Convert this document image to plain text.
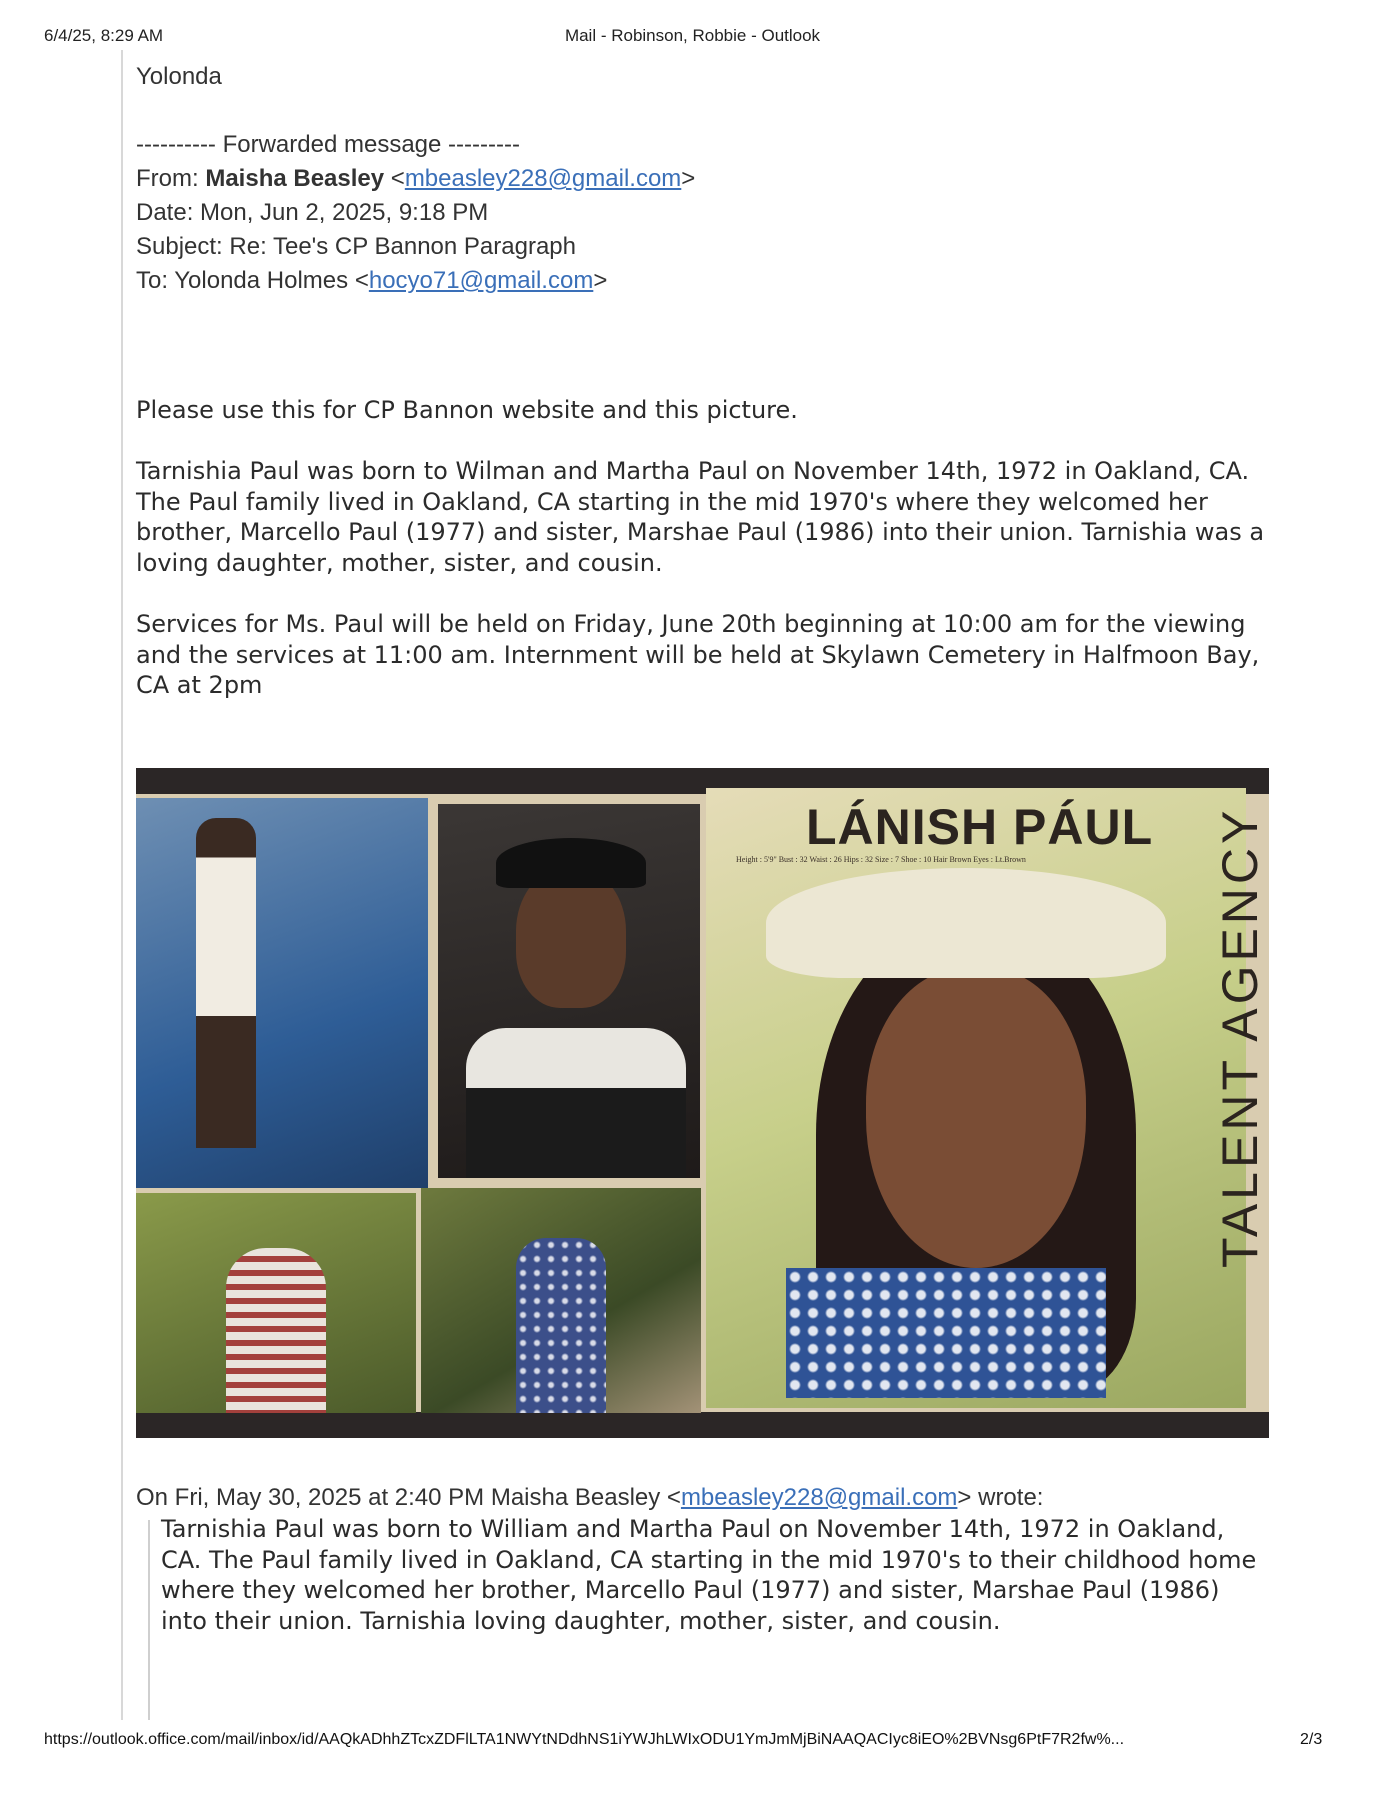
6/4/25, 8:29 AM	Mail - Robinson, Robbie - Outlook
Yolonda
---------- Forwarded message ---------
From: Maisha Beasley <mbeasley228@gmail.com>
Date: Mon, Jun 2, 2025, 9:18 PM
Subject: Re: Tee's CP Bannon Paragraph
To: Yolonda Holmes <hocyo71@gmail.com>
Please use this for CP Bannon website and this picture.
Tarnishia Paul was born to Wilman and Martha Paul on November 14th, 1972 in Oakland, CA. The Paul family lived in Oakland, CA starting in the mid 1970's where they welcomed her brother, Marcello Paul (1977) and sister, Marshae Paul (1986) into their union. Tarnishia was a loving daughter, mother, sister, and cousin.
Services for Ms. Paul will be held on Friday, June 20th beginning at 10:00 am for the viewing and the services at 11:00 am. Internment will be held at Skylawn Cemetery in Halfmoon Bay, CA at 2pm
LÁNISH PÁUL
Height : 5'9" Bust : 32 Waist : 26 Hips : 32 Size : 7 Shoe : 10 Hair Brown Eyes : Lt.Brown	TALENT AGENCY
On Fri, May 30, 2025 at 2:40 PM Maisha Beasley <mbeasley228@gmail.com> wrote:
Tarnishia Paul was born to William and Martha Paul on November 14th, 1972 in Oakland, CA. The Paul family lived in Oakland, CA starting in the mid 1970's to their childhood home where they welcomed her brother, Marcello Paul (1977) and sister, Marshae Paul (1986) into their union. Tarnishia loving daughter, mother, sister, and cousin.
https://outlook.office.com/mail/inbox/id/AAQkADhhZTcxZDFlLTA1NWYtNDdhNS1iYWJhLWIxODU1YmJmMjBiNAAQACIyc8iEO%2BVNsg6PtF7R2fw%...	2/3
